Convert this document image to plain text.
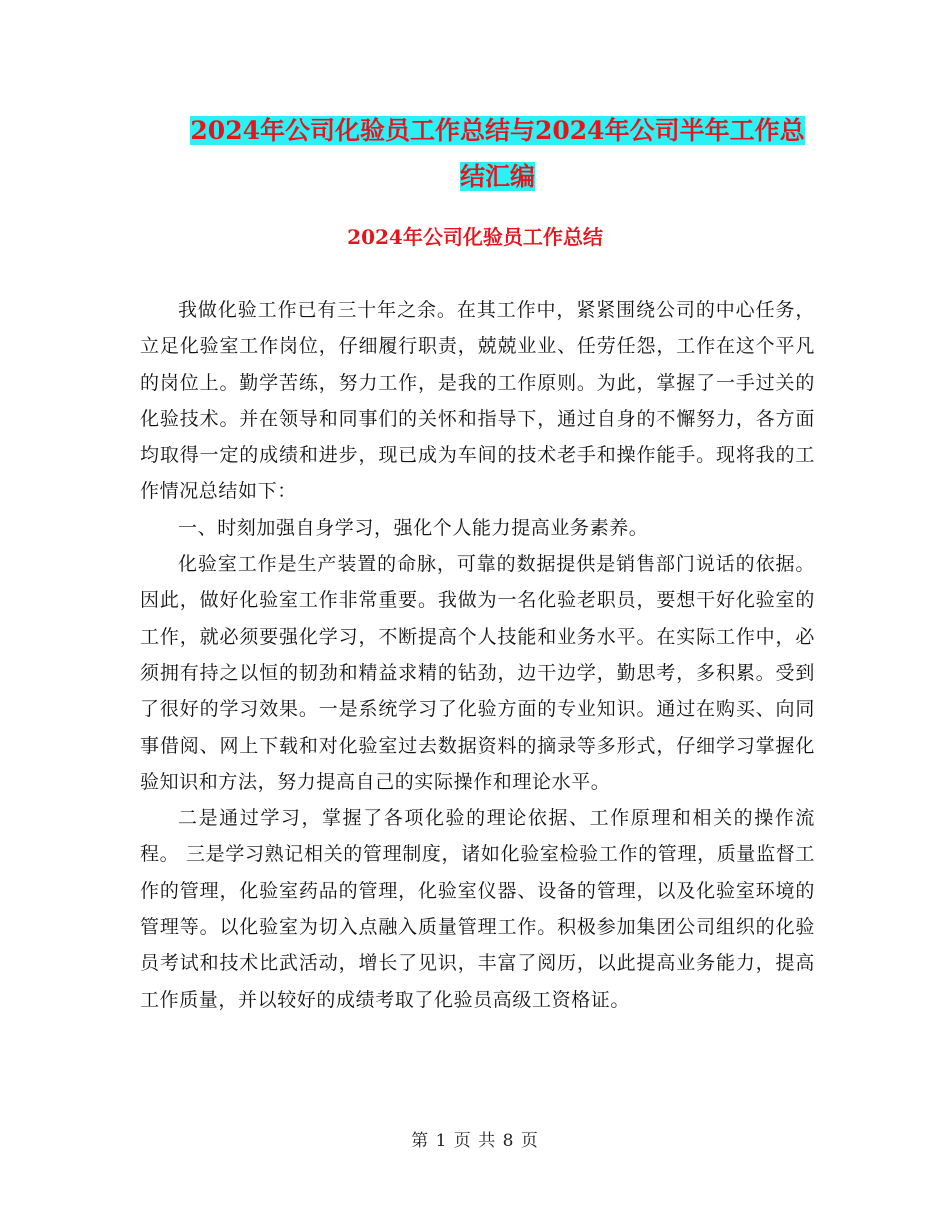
2024年公司化验员工作总结与2024年公司半年工作总
结汇编
2024年公司化验员工作总结

我做化验工作已有三十年之余。在其工作中，紧紧围绕公司的中心任务，立足化验室工作岗位，仔细履行职责，兢兢业业、任劳任怨，工作在这个平凡的岗位上。勤学苦练，努力工作，是我的工作原则。为此，掌握了一手过关的化验技术。并在领导和同事们的关怀和指导下，通过自身的不懈努力，各方面均取得一定的成绩和进步，现已成为车间的技术老手和操作能手。现将我的工作情况总结如下：

一、时刻加强自身学习，强化个人能力提高业务素养。

化验室工作是生产装置的命脉，可靠的数据提供是销售部门说话的依据。因此，做好化验室工作非常重要。我做为一名化验老职员，要想干好化验室的工作，就必须要强化学习，不断提高个人技能和业务水平。在实际工作中，必须拥有持之以恒的韧劲和精益求精的钻劲，边干边学，勤思考，多积累。受到了很好的学习效果。一是系统学习了化验方面的专业知识。通过在购买、向同事借阅、网上下载和对化验室过去数据资料的摘录等多形式，仔细学习掌握化验知识和方法，努力提高自己的实际操作和理论水平。

二是通过学习，掌握了各项化验的理论依据、工作原理和相关的操作流程。 三是学习熟记相关的管理制度，诸如化验室检验工作的管理，质量监督工作的管理，化验室药品的管理，化验室仪器、设备的管理，以及化验室环境的管理等。以化验室为切入点融入质量管理工作。积极参加集团公司组织的化验员考试和技术比武活动，增长了见识，丰富了阅历，以此提高业务能力，提高工作质量，并以较好的成绩考取了化验员高级工资格证。

第 1 页 共 8 页
